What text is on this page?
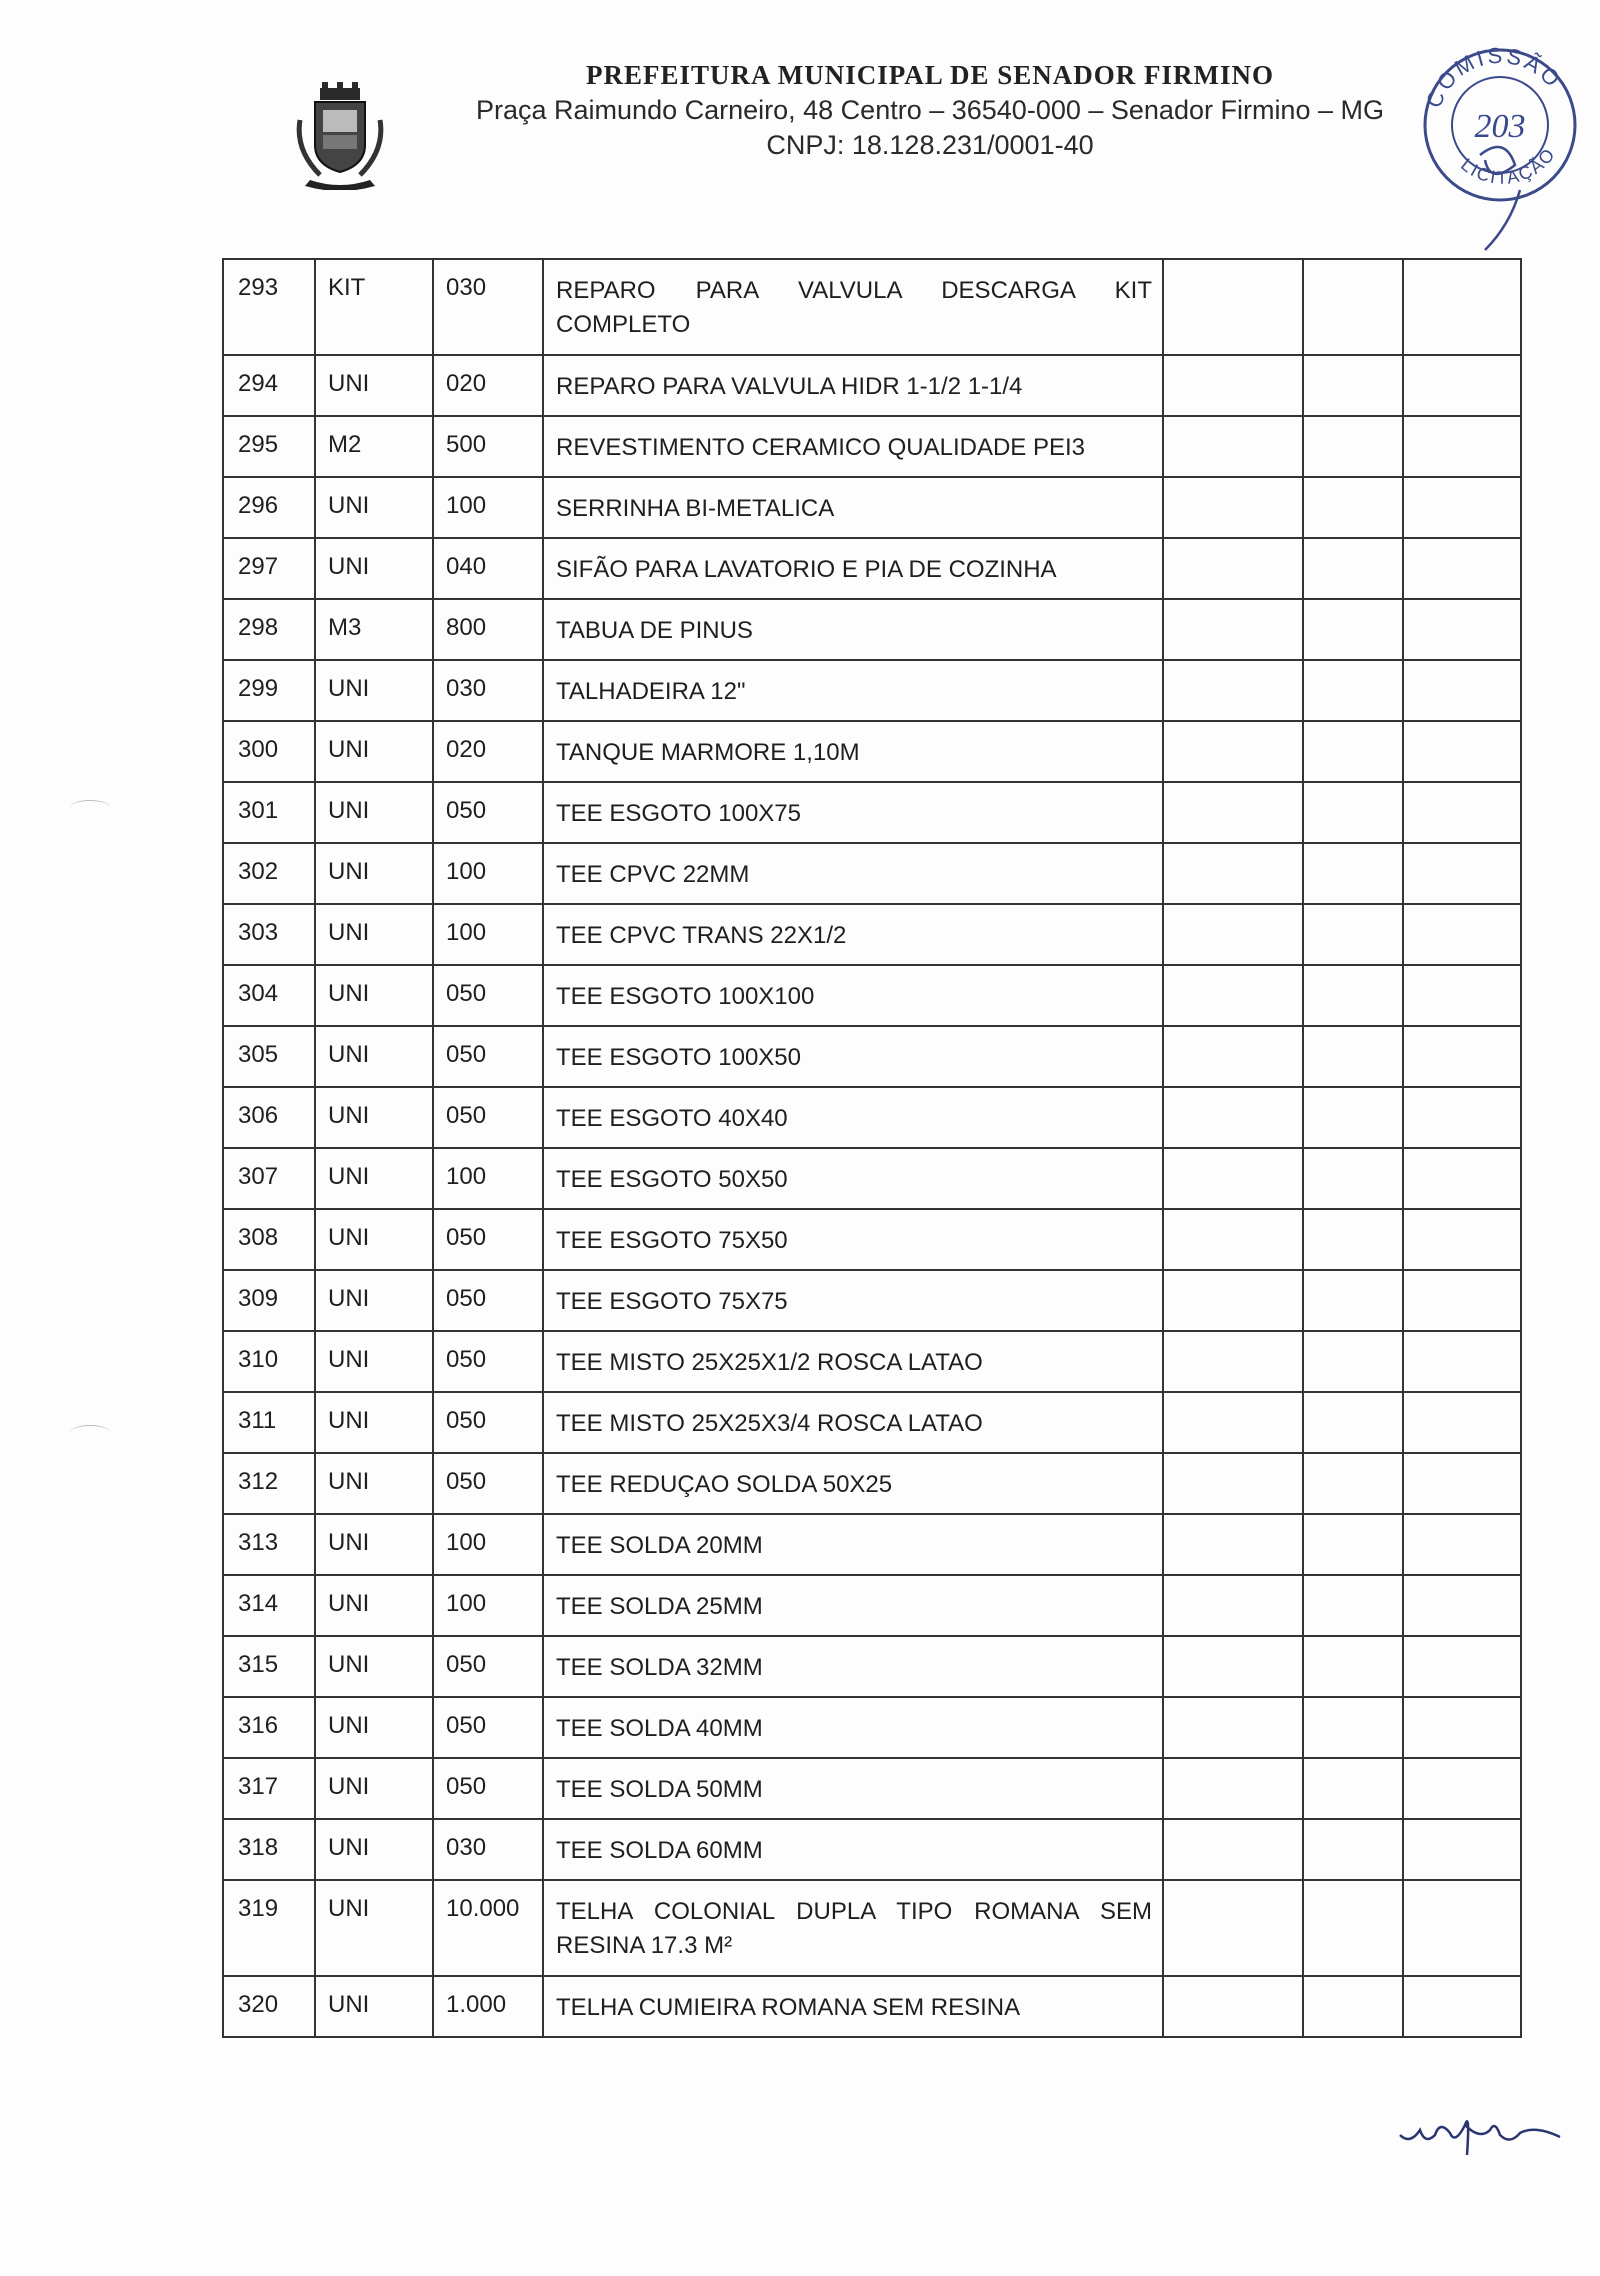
PREFEITURA MUNICIPAL DE SENADOR FIRMINO
Praça Raimundo Carneiro, 48 Centro – 36540-000 – Senador Firmino – MG
CNPJ: 18.128.231/0001-40
COMISSÃO
LICITAÇÃO
203
293	KIT	030	REPARO PARA VALVULA DESCARGA KIT COMPLETO			
294	UNI	020	REPARO PARA VALVULA HIDR 1-1/2 1-1/4			
295	M2	500	REVESTIMENTO CERAMICO QUALIDADE PEI3			
296	UNI	100	SERRINHA BI-METALICA			
297	UNI	040	SIFÃO PARA LAVATORIO E PIA DE COZINHA			
298	M3	800	TABUA DE PINUS			
299	UNI	030	TALHADEIRA 12"			
300	UNI	020	TANQUE MARMORE 1,10M			
301	UNI	050	TEE ESGOTO 100X75			
302	UNI	100	TEE CPVC 22MM			
303	UNI	100	TEE CPVC TRANS 22X1/2			
304	UNI	050	TEE ESGOTO 100X100			
305	UNI	050	TEE ESGOTO 100X50			
306	UNI	050	TEE ESGOTO 40X40			
307	UNI	100	TEE ESGOTO 50X50			
308	UNI	050	TEE ESGOTO 75X50			
309	UNI	050	TEE ESGOTO 75X75			
310	UNI	050	TEE MISTO 25X25X1/2 ROSCA LATAO			
311	UNI	050	TEE MISTO 25X25X3/4 ROSCA LATAO			
312	UNI	050	TEE REDUÇAO SOLDA 50X25			
313	UNI	100	TEE SOLDA 20MM			
314	UNI	100	TEE SOLDA 25MM			
315	UNI	050	TEE SOLDA 32MM			
316	UNI	050	TEE SOLDA 40MM			
317	UNI	050	TEE SOLDA 50MM			
318	UNI	030	TEE SOLDA 60MM			
319	UNI	10.000	TELHA COLONIAL DUPLA TIPO ROMANA SEM RESINA 17.3 M²			
320	UNI	1.000	TELHA CUMIEIRA ROMANA SEM RESINA			
